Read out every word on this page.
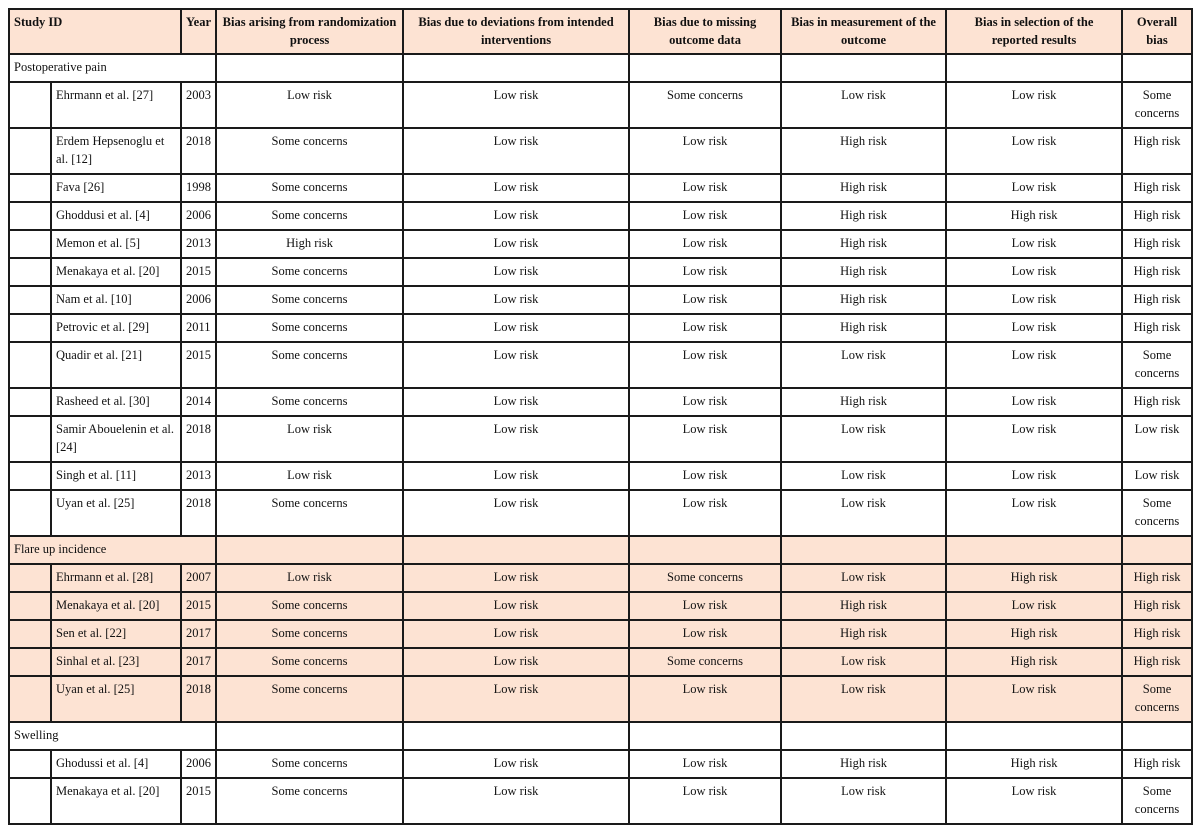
Study ID		Year	Bias arising from randomization process	Bias due to deviations from intended interventions	Bias due to missing outcome data	Bias in measurement of the outcome	Bias in selection of the reported results	Overall bias
Postoperative pain								
	Ehrmann et al. [27]	2003	Low risk	Low risk	Some concerns	Low risk	Low risk	Some concerns
	Erdem Hepsenoglu et al. [12]	2018	Some concerns	Low risk	Low risk	High risk	Low risk	High risk
	Fava [26]	1998	Some concerns	Low risk	Low risk	High risk	Low risk	High risk
	Ghoddusi et al. [4]	2006	Some concerns	Low risk	Low risk	High risk	High risk	High risk
	Memon et al. [5]	2013	High risk	Low risk	Low risk	High risk	Low risk	High risk
	Menakaya et al. [20]	2015	Some concerns	Low risk	Low risk	High risk	Low risk	High risk
	Nam et al. [10]	2006	Some concerns	Low risk	Low risk	High risk	Low risk	High risk
	Petrovic et al. [29]	2011	Some concerns	Low risk	Low risk	High risk	Low risk	High risk
	Quadir et al. [21]	2015	Some concerns	Low risk	Low risk	Low risk	Low risk	Some concerns
	Rasheed et al. [30]	2014	Some concerns	Low risk	Low risk	High risk	Low risk	High risk
	Samir Abouelenin et al. [24]	2018	Low risk	Low risk	Low risk	Low risk	Low risk	Low risk
	Singh et al. [11]	2013	Low risk	Low risk	Low risk	Low risk	Low risk	Low risk
	Uyan et al. [25]	2018	Some concerns	Low risk	Low risk	Low risk	Low risk	Some concerns
Flare up incidence								
	Ehrmann et al. [28]	2007	Low risk	Low risk	Some concerns	Low risk	High risk	High risk
	Menakaya et al. [20]	2015	Some concerns	Low risk	Low risk	High risk	Low risk	High risk
	Sen et al. [22]	2017	Some concerns	Low risk	Low risk	High risk	High risk	High risk
	Sinhal et al. [23]	2017	Some concerns	Low risk	Some concerns	Low risk	High risk	High risk
	Uyan et al. [25]	2018	Some concerns	Low risk	Low risk	Low risk	Low risk	Some concerns
Swelling								
	Ghodussi et al. [4]	2006	Some concerns	Low risk	Low risk	High risk	High risk	High risk
	Menakaya et al. [20]	2015	Some concerns	Low risk	Low risk	Low risk	Low risk	Some concerns
